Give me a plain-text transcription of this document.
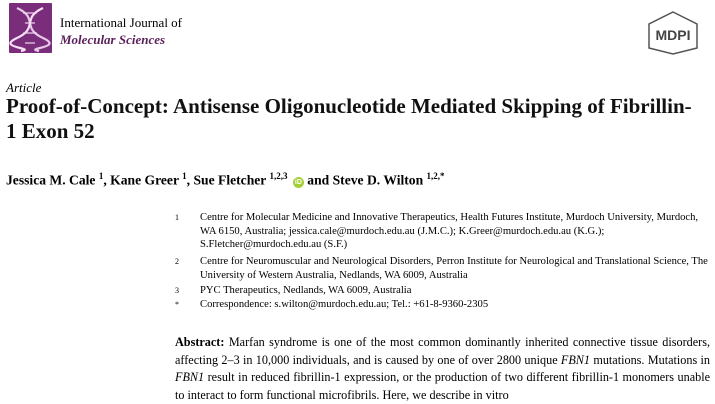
International Journal of
Molecular Sciences	MDPI
Article
Proof-of-Concept: Antisense Oligonucleotide Mediated Skipping of Fibrillin-1 Exon 52
Jessica M. Cale $^1$, Kane Greer $^1$, Sue Fletcher $^{1,2,3}$ iD and Steve D. Wilton $^{1,2,*}$
1 Centre for Molecular Medicine and Innovative Therapeutics, Health Futures Institute, Murdoch University, Murdoch, WA 6150, Australia; jessica.cale@murdoch.edu.au (J.M.C.); K.Greer@murdoch.edu.au (K.G.); S.Fletcher@murdoch.edu.au (S.F.)
2 Centre for Neuromuscular and Neurological Disorders, Perron Institute for Neurological and Translational Science, The University of Western Australia, Nedlands, WA 6009, Australia
3 PYC Therapeutics, Nedlands, WA 6009, Australia
* Correspondence: s.wilton@murdoch.edu.au; Tel.: +61-8-9360-2305
Abstract: Marfan syndrome is one of the most common dominantly inherited connective tissue disorders, affecting 2–3 in 10,000 individuals, and is caused by one of over 2800 unique FBN1 mutations. Mutations in FBN1 result in reduced fibrillin-1 expression, or the production of two different fibrillin-1 monomers unable to interact to form functional microfibrils. Here, we describe in vitro
